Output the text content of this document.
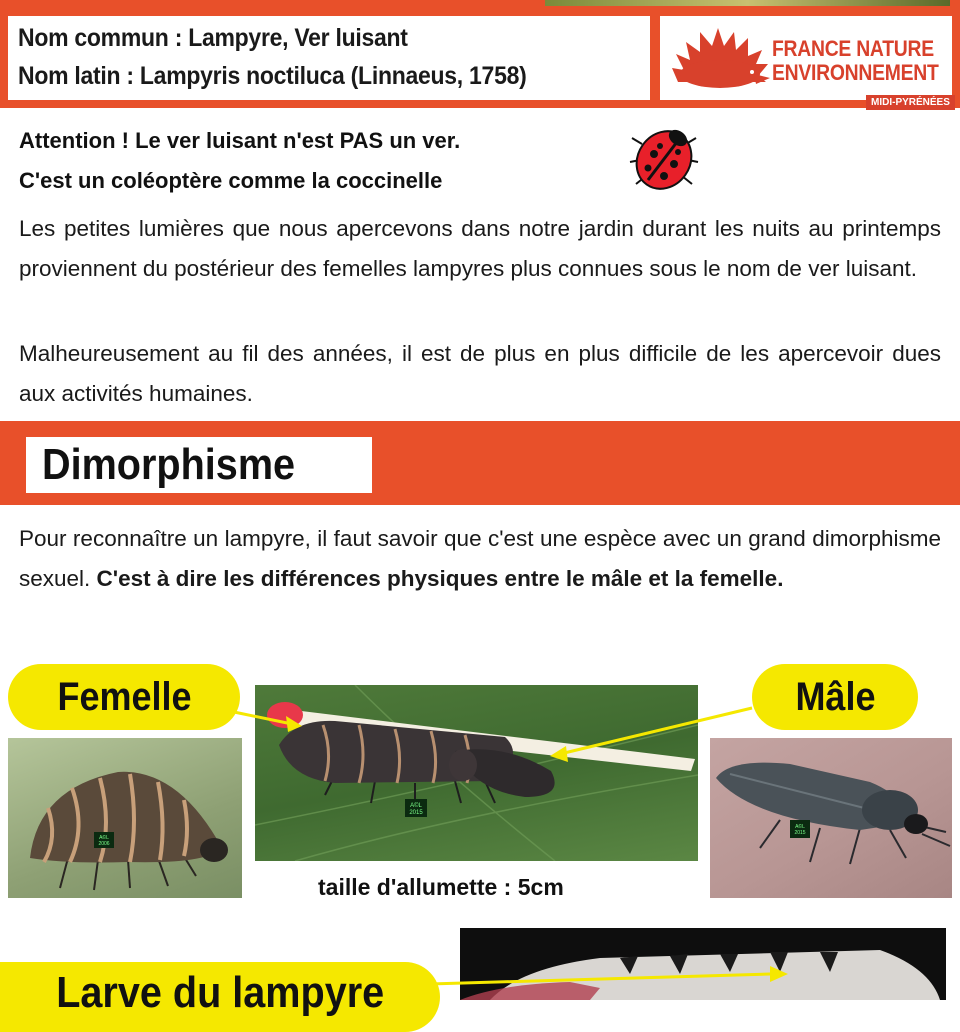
Nom commun : Lampyre, Ver luisant
Nom latin : Lampyris noctiluca (Linnaeus, 1758)
FRANCE NATURE
ENVIRONNEMENT
MIDI-PYRÉNÉES
Attention ! Le ver luisant n'est PAS un ver.
C'est un coléoptère comme la coccinelle
Les petites lumières que nous apercevons dans notre jardin durant les nuits au printemps proviennent du postérieur des femelles lampyres plus connues sous le nom de ver luisant.
Malheureusement au fil des années, il est de plus en plus difficile de les apercevoir dues aux activités humaines.
Dimorphisme
Pour reconnaître un lampyre, il faut savoir que c'est une espèce avec un grand dimorphisme sexuel. C'est à dire les différences physiques entre le mâle et la femelle.
Femelle	Mâle
A©L
2006
A©L
2015
A©L
2015
taille d'allumette : 5cm
Larve du lampyre
